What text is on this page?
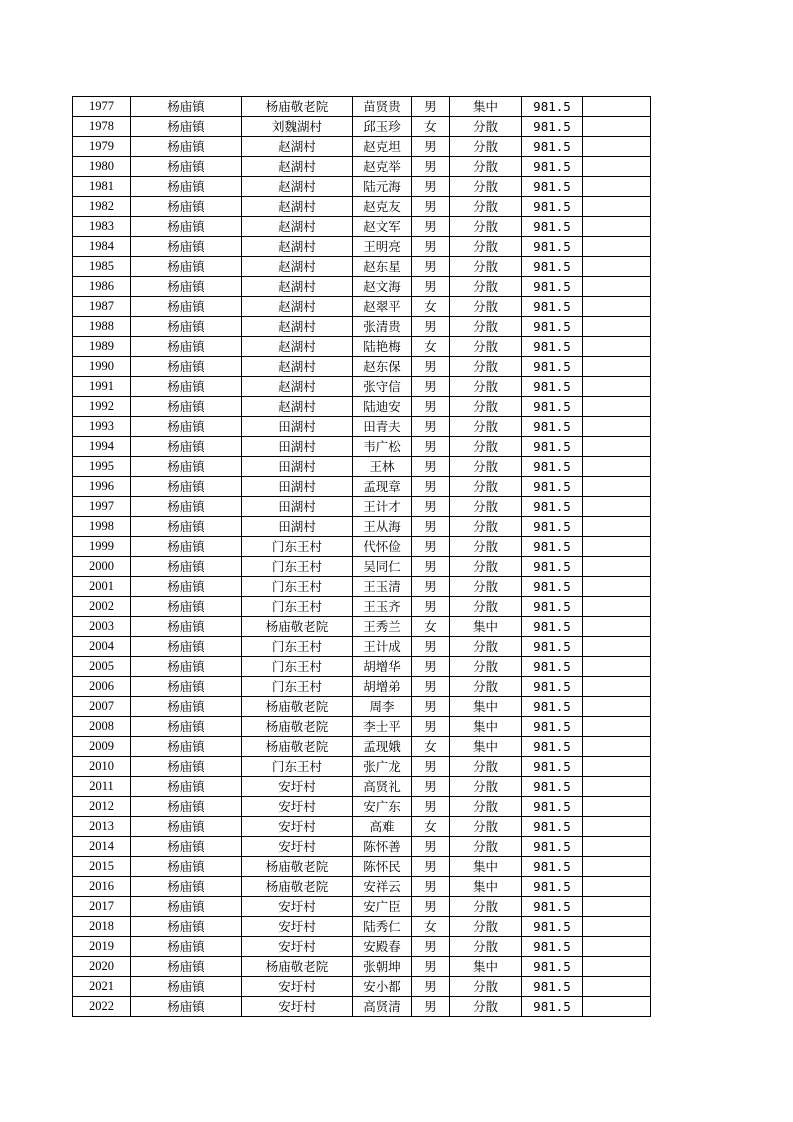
1977	杨庙镇	杨庙敬老院	苗贤贵	男	集中	981.5	
1978	杨庙镇	刘魏湖村	邱玉珍	女	分散	981.5	
1979	杨庙镇	赵湖村	赵克坦	男	分散	981.5	
1980	杨庙镇	赵湖村	赵克举	男	分散	981.5	
1981	杨庙镇	赵湖村	陆元海	男	分散	981.5	
1982	杨庙镇	赵湖村	赵克友	男	分散	981.5	
1983	杨庙镇	赵湖村	赵文军	男	分散	981.5	
1984	杨庙镇	赵湖村	王明亮	男	分散	981.5	
1985	杨庙镇	赵湖村	赵东星	男	分散	981.5	
1986	杨庙镇	赵湖村	赵文海	男	分散	981.5	
1987	杨庙镇	赵湖村	赵翠平	女	分散	981.5	
1988	杨庙镇	赵湖村	张清贵	男	分散	981.5	
1989	杨庙镇	赵湖村	陆艳梅	女	分散	981.5	
1990	杨庙镇	赵湖村	赵东保	男	分散	981.5	
1991	杨庙镇	赵湖村	张守信	男	分散	981.5	
1992	杨庙镇	赵湖村	陆迪安	男	分散	981.5	
1993	杨庙镇	田湖村	田青夫	男	分散	981.5	
1994	杨庙镇	田湖村	韦广松	男	分散	981.5	
1995	杨庙镇	田湖村	王林	男	分散	981.5	
1996	杨庙镇	田湖村	孟现章	男	分散	981.5	
1997	杨庙镇	田湖村	王计才	男	分散	981.5	
1998	杨庙镇	田湖村	王从海	男	分散	981.5	
1999	杨庙镇	门东王村	代怀俭	男	分散	981.5	
2000	杨庙镇	门东王村	吴同仁	男	分散	981.5	
2001	杨庙镇	门东王村	王玉清	男	分散	981.5	
2002	杨庙镇	门东王村	王玉齐	男	分散	981.5	
2003	杨庙镇	杨庙敬老院	王秀兰	女	集中	981.5	
2004	杨庙镇	门东王村	王计成	男	分散	981.5	
2005	杨庙镇	门东王村	胡增华	男	分散	981.5	
2006	杨庙镇	门东王村	胡增弟	男	分散	981.5	
2007	杨庙镇	杨庙敬老院	周李	男	集中	981.5	
2008	杨庙镇	杨庙敬老院	李士平	男	集中	981.5	
2009	杨庙镇	杨庙敬老院	孟现娥	女	集中	981.5	
2010	杨庙镇	门东王村	张广龙	男	分散	981.5	
2011	杨庙镇	安圩村	高贤礼	男	分散	981.5	
2012	杨庙镇	安圩村	安广东	男	分散	981.5	
2013	杨庙镇	安圩村	高难	女	分散	981.5	
2014	杨庙镇	安圩村	陈怀善	男	分散	981.5	
2015	杨庙镇	杨庙敬老院	陈怀民	男	集中	981.5	
2016	杨庙镇	杨庙敬老院	安祥云	男	集中	981.5	
2017	杨庙镇	安圩村	安广臣	男	分散	981.5	
2018	杨庙镇	安圩村	陆秀仁	女	分散	981.5	
2019	杨庙镇	安圩村	安殿春	男	分散	981.5	
2020	杨庙镇	杨庙敬老院	张朝坤	男	集中	981.5	
2021	杨庙镇	安圩村	安小都	男	分散	981.5	
2022	杨庙镇	安圩村	高贤清	男	分散	981.5	
